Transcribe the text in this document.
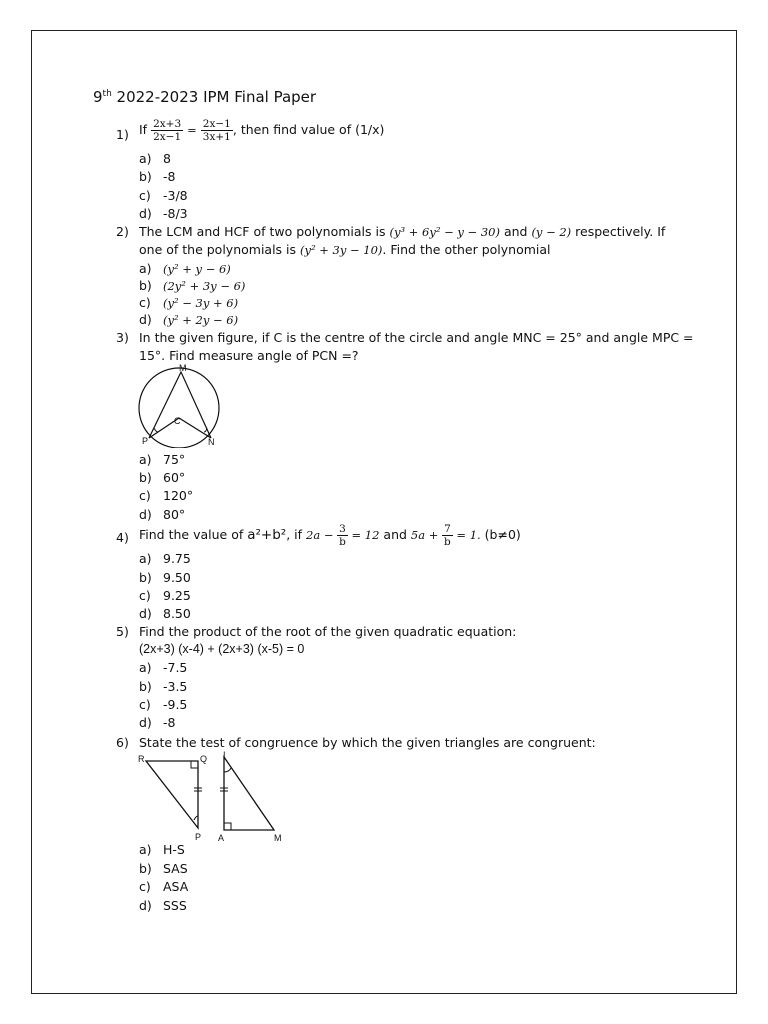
9th 2022-2023 IPM Final Paper
1) If $\frac{2x+3}{2x-1} = \frac{2x-1}{3x+1}$ , then find value of (1/x)
a) 8
b) -8
c) -3/8
d) -8/3
2) The LCM and HCF of two polynomials is (y³ + 6y² − y − 30) and (y − 2) respectively. If
one of the polynomials is (y² + 3y − 10). Find the other polynomial
a) (y² + y − 6)
b) (2y² + 3y − 6)
c) (y² − 3y + 6)
d) (y² + 2y − 6)
3) In the given figure, if C is the centre of the circle and angle MNC = 25° and angle MPC =
15°. Find measure angle of PCN =?
M
C
P	N
a) 75°
b) 60°
c) 120°
d) 80°
4) Find the value of a²+b², if $2a - \frac{3}{b} = 12$ and $5a + \frac{7}{b} = 1$. (b≠0)
a) 9.75
b) 9.50
c) 9.25
d) 8.50
5) Find the product of the root of the given quadratic equation:
(2x+3) (x-4) + (2x+3) (x-5) = 0
a) -7.5
b) -3.5
c) -9.5
d) -8
6) State the test of congruence by which the given triangles are congruent:
R	Q
P
I
A	M
a) H-S
b) SAS
c) ASA
d) SSS
